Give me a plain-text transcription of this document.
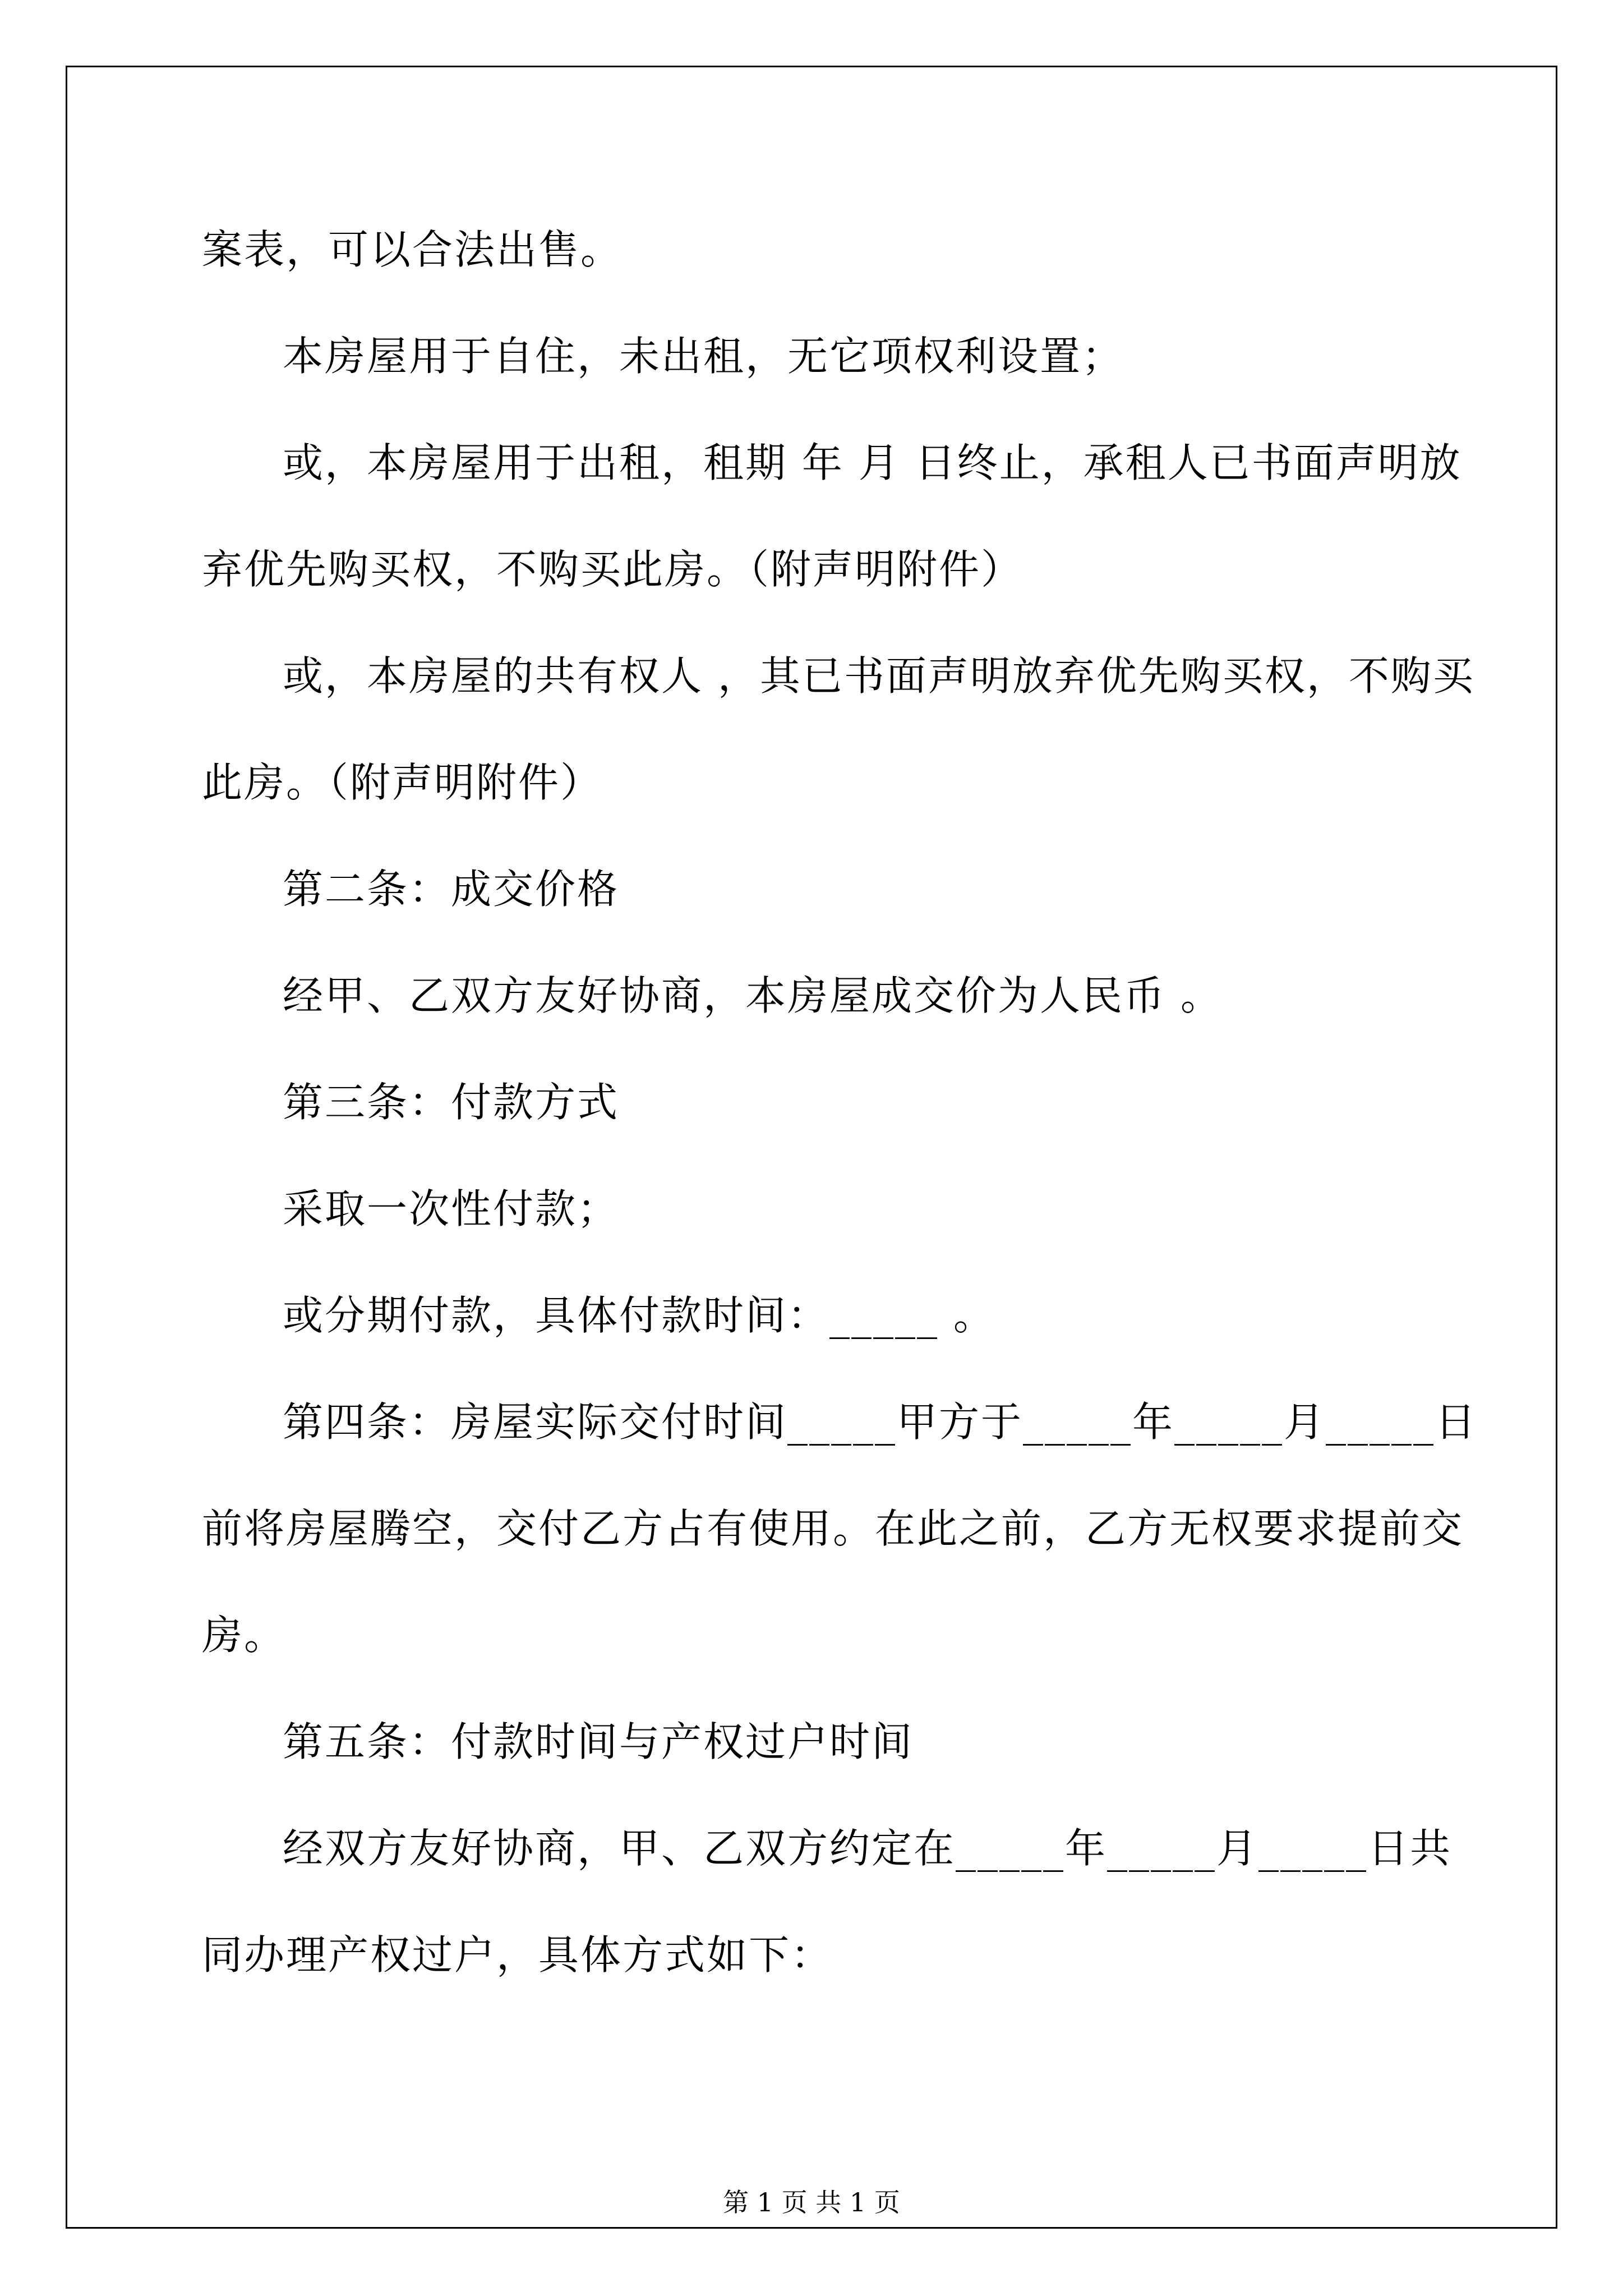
案表，可以合法出售。

本房屋用于自住，未出租，无它项权利设置；

或，本房屋用于出租，租期 年 月 日终止，承租人已书面声明放弃优先购买权，不购买此房。（附声明附件）

或，本房屋的共有权人 ，其已书面声明放弃优先购买权，不购买此房。（附声明附件）

第二条：成交价格

经甲、乙双方友好协商，本房屋成交价为人民币 。

第三条：付款方式

采取一次性付款；

或分期付款，具体付款时间：_____ 。

第四条：房屋实际交付时间_____甲方于_____年_____月_____日前将房屋腾空，交付乙方占有使用。在此之前，乙方无权要求提前交房。

第五条：付款时间与产权过户时间

经双方友好协商，甲、乙双方约定在_____年_____月_____日共同办理产权过户，具体方式如下：

第 1 页 共 1 页
